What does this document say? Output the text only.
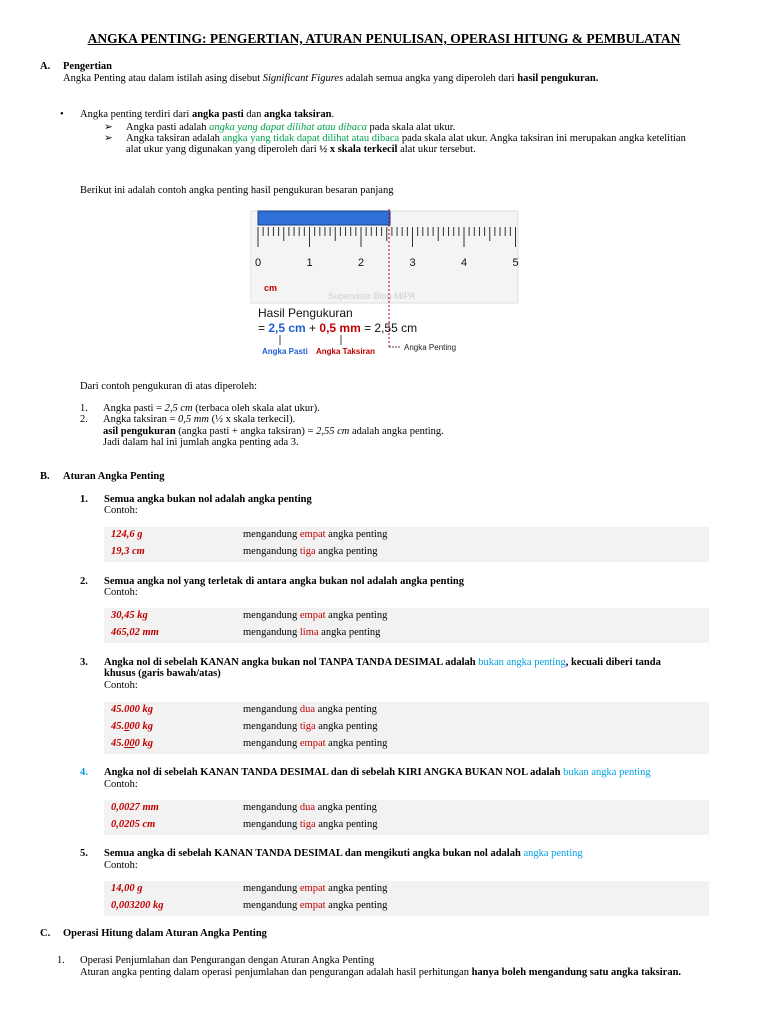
ANGKA PENTING: PENGERTIAN, ATURAN PENULISAN, OPERASI HITUNG & PEMBULATAN
A. Pengertian
Angka Penting atau dalam istilah asing disebut Significant Figures adalah semua angka yang diperoleh dari hasil pengukuran.
• Angka penting terdiri dari angka pasti dan angka taksiran.
➢ Angka pasti adalah angka yang dapat dilihat atau dibaca pada skala alat ukur.
➢ Angka taksiran adalah angka yang tidak dapat dilihat atau dibaca pada skala alat ukur. Angka taksiran ini merupakan angka ketelitian
alat ukur yang digunakan yang diperoleh dari ½ x skala terkecil alat ukur tersebut.
Berikut ini adalah contoh angka penting hasil pengukuran besaran panjang
0	1	2	3	4	5
cm
Supervisor Blog MIPA
Hasil Pengukuran
= 2,5 cm + 0,5 mm = 2,55 cm
Angka Pasti Angka Taksiran	Angka Penting
Dari contoh pengukuran di atas diperoleh:
1. Angka pasti = 2,5 cm (terbaca oleh skala alat ukur).
2. Angka taksiran = 0,5 mm (½ x skala terkecil).
asil pengukuran (angka pasti + angka taksiran) = 2,55 cm adalah angka penting.
Jadi dalam hal ini jumlah angka penting ada 3.
B. Aturan Angka Penting
1. Semua angka bukan nol adalah angka penting
Contoh:
124,6 g	mengandung empat angka penting
19,3 cm	mengandung tiga angka penting
2. Semua angka nol yang terletak di antara angka bukan nol adalah angka penting
Contoh:
30,45 kg	mengandung empat angka penting
465,02 mm	mengandung lima angka penting
3. Angka nol di sebelah KANAN angka bukan nol TANPA TANDA DESIMAL adalah bukan angka penting, kecuali diberi tanda
khusus (garis bawah/atas)
Contoh:
45.000 kg	mengandung dua angka penting
45.000 kg	mengandung tiga angka penting
45.000 kg	mengandung empat angka penting
4. Angka nol di sebelah KANAN TANDA DESIMAL dan di sebelah KIRI ANGKA BUKAN NOL adalah bukan angka penting
Contoh:
0,0027 mm	mengandung dua angka penting
0,0205 cm	mengandung tiga angka penting
5. Semua angka di sebelah KANAN TANDA DESIMAL dan mengikuti angka bukan nol adalah angka penting
Contoh:
14,00 g	mengandung empat angka penting
0,003200 kg	mengandung empat angka penting
C. Operasi Hitung dalam Aturan Angka Penting
1. Operasi Penjumlahan dan Pengurangan dengan Aturan Angka Penting
Aturan angka penting dalam operasi penjumlahan dan pengurangan adalah hasil perhitungan hanya boleh mengandung satu angka taksiran.
